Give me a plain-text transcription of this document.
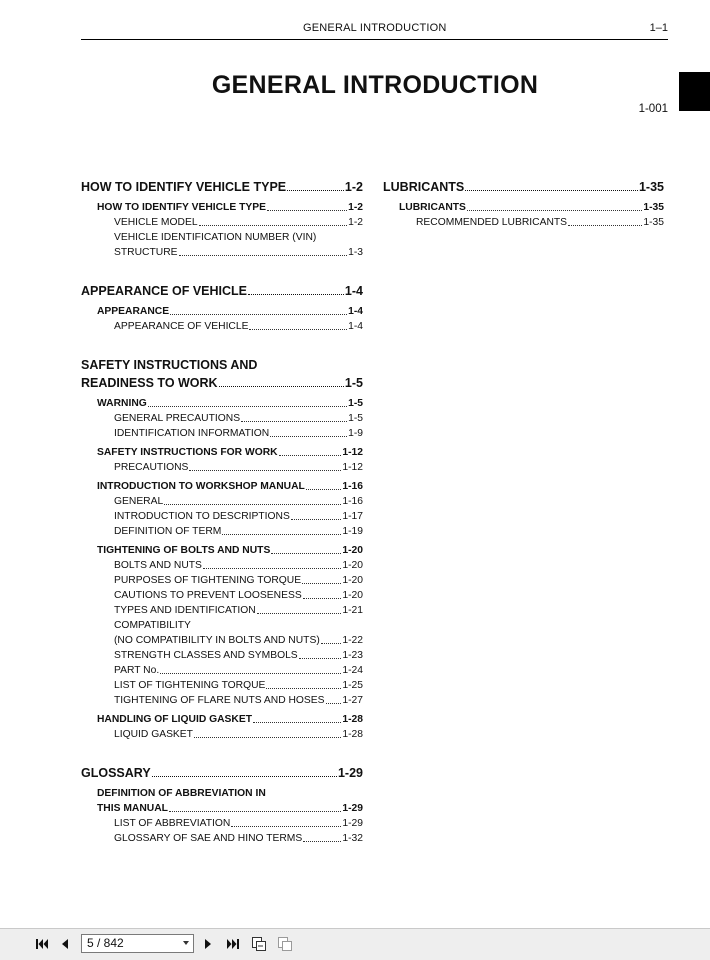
GENERAL INTRODUCTION	1–1
GENERAL INTRODUCTION
1-001
HOW TO IDENTIFY VEHICLE TYPE	1-2
HOW TO IDENTIFY VEHICLE TYPE	1-2
VEHICLE MODEL	1-2
VEHICLE IDENTIFICATION NUMBER (VIN)
STRUCTURE	1-3
APPEARANCE OF VEHICLE	1-4
APPEARANCE	1-4
APPEARANCE OF VEHICLE	1-4
SAFETY INSTRUCTIONS AND
READINESS TO WORK	1-5
WARNING	1-5
GENERAL PRECAUTIONS	1-5
IDENTIFICATION INFORMATION	1-9
SAFETY INSTRUCTIONS FOR WORK	1-12
PRECAUTIONS	1-12
INTRODUCTION TO WORKSHOP MANUAL	1-16
GENERAL	1-16
INTRODUCTION TO DESCRIPTIONS	1-17
DEFINITION OF TERM	1-19
TIGHTENING OF BOLTS AND NUTS	1-20
BOLTS AND NUTS	1-20
PURPOSES OF TIGHTENING TORQUE	1-20
CAUTIONS TO PREVENT LOOSENESS	1-20
TYPES AND IDENTIFICATION	1-21
COMPATIBILITY
(NO COMPATIBILITY IN BOLTS AND NUTS) 1-22
STRENGTH CLASSES AND SYMBOLS	1-23
PART No.	1-24
LIST OF TIGHTENING TORQUE	1-25
TIGHTENING OF FLARE NUTS AND HOSES 1-27
HANDLING OF LIQUID GASKET	1-28
LIQUID GASKET	1-28
GLOSSARY	1-29
DEFINITION OF ABBREVIATION IN
THIS MANUAL	1-29
LIST OF ABBREVIATION	1-29
GLOSSARY OF SAE AND HINO TERMS	1-32
LUBRICANTS	1-35
LUBRICANTS	1-35
RECOMMENDED LUBRICANTS	1-35
5 / 842
